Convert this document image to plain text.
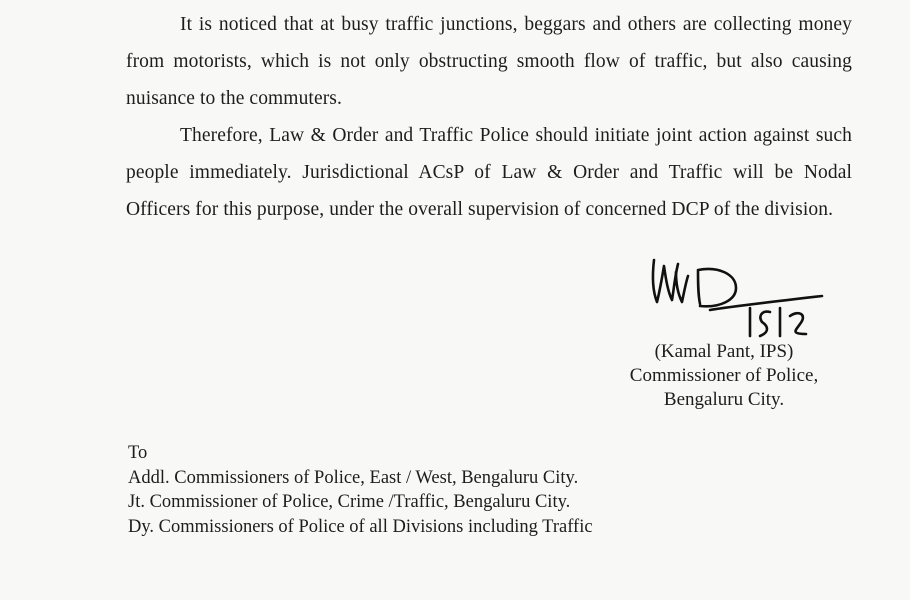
It is noticed that at busy traffic junctions, beggars and others are collecting money from motorists, which is not only obstructing smooth flow of traffic, but also causing nuisance to the commuters.

Therefore, Law & Order and Traffic Police should initiate joint action against such people immediately. Jurisdictional ACsP of Law & Order and Traffic will be Nodal Officers for this purpose, under the overall supervision of concerned DCP of the division.

(Kamal Pant, IPS)
Commissioner of Police,
Bengaluru City.
To
Addl. Commissioners of Police, East / West, Bengaluru City.
Jt. Commissioner of Police, Crime /Traffic, Bengaluru City.
Dy. Commissioners of Police of all Divisions including Traffic
